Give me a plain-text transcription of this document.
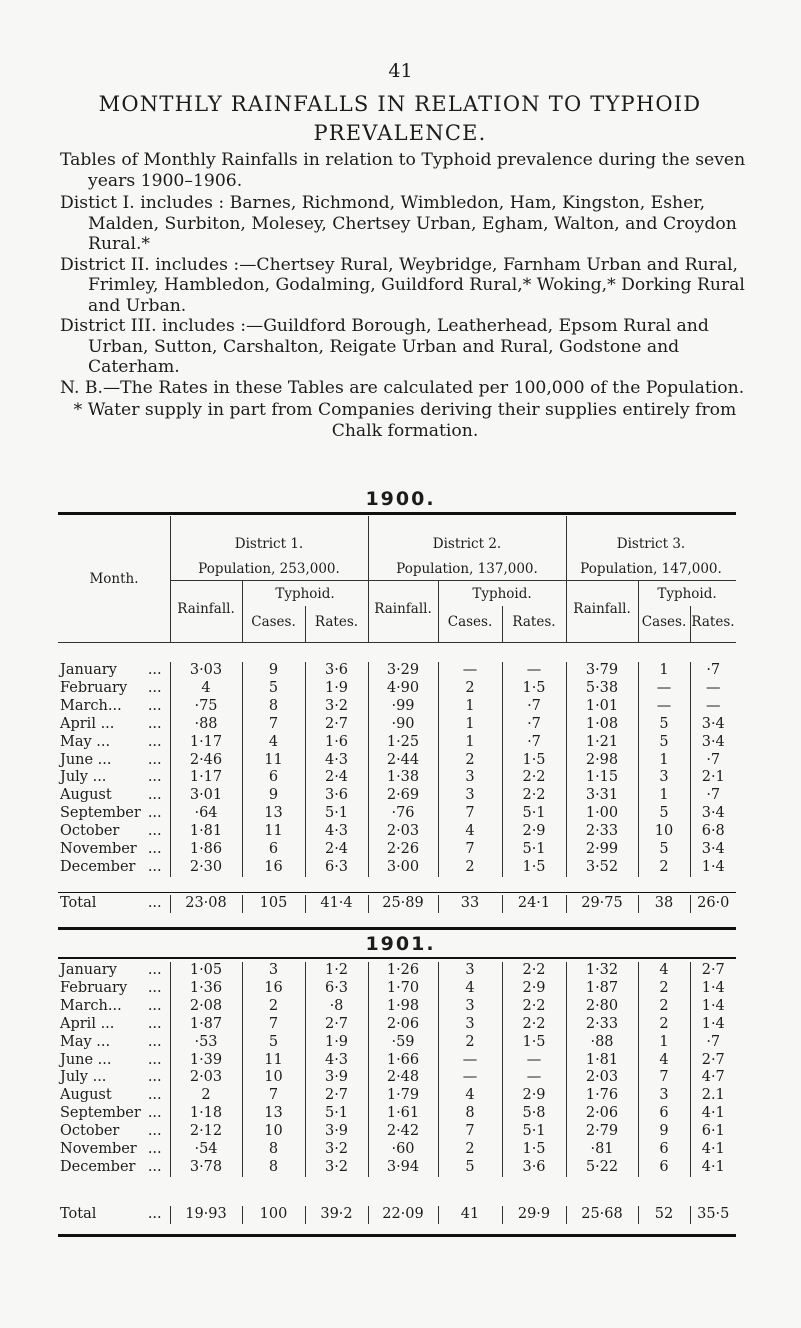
41
MONTHLY RAINFALLS IN RELATION TO TYPHOID PREVALENCE.
Tables of Monthly Rainfalls in relation to Typhoid prevalence during the seven years 1900–1906.
Distict I. includes : Barnes, Richmond, Wimbledon, Ham, Kingston, Esher, Malden, Surbiton, Molesey, Chertsey Urban, Egham, Walton, and Croydon Rural.*
District II. includes :—Chertsey Rural, Weybridge, Farnham Urban and Rural, Frimley, Hambledon, Godalming, Guildford Rural,* Woking,* Dorking Rural and Urban.
District III. includes :—Guildford Borough, Leatherhead, Epsom Rural and Urban, Sutton, Carshalton, Reigate Urban and Rural, Godstone and Caterham.
N. B.—The Rates in these Tables are calculated per 100,000 of the Population.
* Water supply in part from Companies deriving their supplies entirely from Chalk formation.
1900.
Month.
District 1.
Population, 253,000.
District 2.
Population, 137,000.
District 3.
Population, 147,000.
Rainfall.
Typhoid.
Cases.	Rates.
Rainfall.
Typhoid.
Cases.	Rates.
Rainfall.
Typhoid.
Cases. Rates.
January	...	3·03	9	3·6	3·29	—	—	3·79	1	·7
February	...	4	5	1·9	4·90	2	1·5	5·38	—	—
March...	...	·75	8	3·2	·99	1	·7	1·01	—	—
April ...	...	·88	7	2·7	·90	1	·7	1·08	5	3·4
May ...	...	1·17	4	1·6	1·25	1	·7	1·21	5	3·4
June ...	...	2·46	11	4·3	2·44	2	1·5	2·98	1	·7
July ...	...	1·17	6	2·4	1·38	3	2·2	1·15	3	2·1
August	...	3·01	9	3·6	2·69	3	2·2	3·31	1	·7
September	...	·64	13	5·1	·76	7	5·1	1·00	5	3·4
October	...	1·81	11	4·3	2·03	4	2·9	2·33	10	6·8
November	...	1·86	6	2·4	2·26	7	5·1	2·99	5	3·4
December	...	2·30	16	6·3	3·00	2	1·5	3·52	2	1·4
Total	...	23·08	105	41·4	25·89	33	24·1	29·75	38	26·0
1901.
January	...	1·05	3	1·2	1·26	3	2·2	1·32	4	2·7
February	...	1·36	16	6·3	1·70	4	2·9	1·87	2	1·4
March...	...	2·08	2	·8	1·98	3	2·2	2·80	2	1·4
April ...	...	1·87	7	2·7	2·06	3	2·2	2·33	2	1·4
May ...	...	·53	5	1·9	·59	2	1·5	·88	1	·7
June ...	...	1·39	11	4·3	1·66	—	—	1·81	4	2·7
July ...	...	2·03	10	3·9	2·48	—	—	2·03	7	4·7
August	...	2	7	2·7	1·79	4	2·9	1·76	3	2.1
September	...	1·18	13	5·1	1·61	8	5·8	2·06	6	4·1
October	...	2·12	10	3·9	2·42	7	5·1	2·79	9	6·1
November	...	·54	8	3·2	·60	2	1·5	·81	6	4·1
December	...	3·78	8	3·2	3·94	5	3·6	5·22	6	4·1
Total	...	19·93	100	39·2	22·09	41	29·9	25·68	52	35·5
